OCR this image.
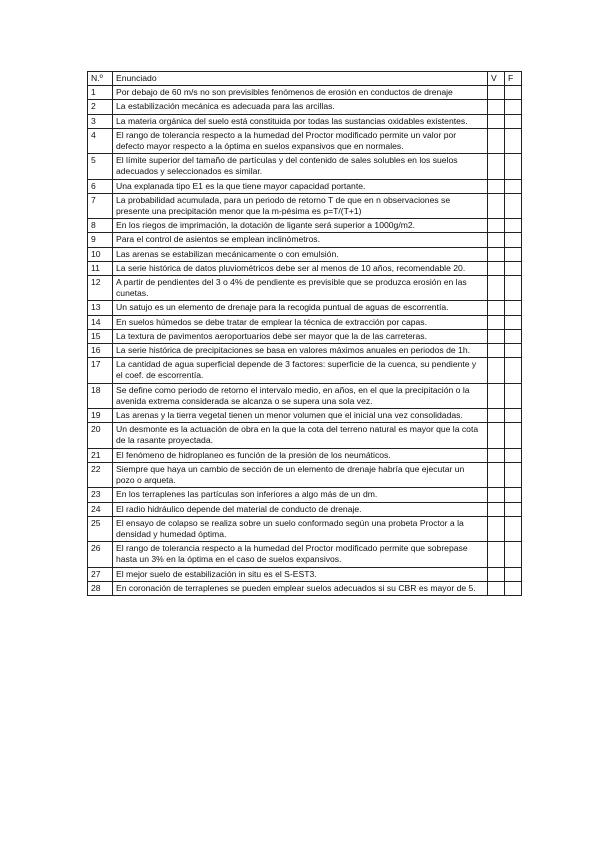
N.º	Enunciado	V	F
1	Por debajo de 60 m/s no son previsibles fenómenos de erosión en conductos de drenaje		
2	La estabilización mecánica es adecuada para las arcillas.		
3	La materia orgánica del suelo está constituida por todas las sustancias oxidables existentes.		
4	El rango de tolerancia respecto a la humedad del Proctor modificado permite un valor por defecto mayor respecto a la óptima en suelos expansivos que en normales.		
5	El límite superior del tamaño de partículas y del contenido de sales solubles en los suelos adecuados y seleccionados es similar.		
6	Una explanada tipo E1 es la que tiene mayor capacidad portante.		
7	La probabilidad acumulada, para un periodo de retorno T de que en n observaciones se presente una precipitación menor que la m-pésima es p=T/(T+1)		
8	En los riegos de imprimación, la dotación de ligante será superior a 1000g/m2.		
9	Para el control de asientos se emplean inclinómetros.		
10	Las arenas se estabilizan mecánicamente o con emulsión.		
11	La serie histórica de datos pluviométricos debe ser al menos de 10 años, recomendable 20.		
12	A partir de pendientes del 3 o 4% de pendiente es previsible que se produzca erosión en las cunetas.		
13	Un satujo es un elemento de drenaje para la recogida puntual de aguas de escorrentía.		
14	En suelos húmedos se debe tratar de emplear la técnica de extracción por capas.		
15	La textura de pavimentos aeroportuarios debe ser mayor que la de las carreteras.		
16	La serie histórica de precipitaciones se basa en valores máximos anuales en periodos de 1h.		
17	La cantidad de agua superficial depende de 3 factores: superficie de la cuenca, su pendiente y el coef. de escorrentía.		
18	Se define como periodo de retorno el intervalo medio, en años, en el que la precipitación o la avenida extrema considerada se alcanza o se supera una sola vez.		
19	Las arenas y la tierra vegetal tienen un menor volumen que el inicial una vez consolidadas.		
20	Un desmonte es la actuación de obra en la que la cota del terreno natural es mayor que la cota de la rasante proyectada.		
21	El fenómeno de hidroplaneo es función de la presión de los neumáticos.		
22	Siempre que haya un cambio de sección de un elemento de drenaje habría que ejecutar un pozo o arqueta.		
23	En los terraplenes las partículas son inferiores a algo más de un dm.		
24	El radio hidráulico depende del material de conducto de drenaje.		
25	El ensayo de colapso se realiza sobre un suelo conformado según una probeta Proctor a la densidad y humedad óptima.		
26	El rango de tolerancia respecto a la humedad del Proctor modificado permite que sobrepase hasta un 3% en la óptima en el caso de suelos expansivos.		
27	El mejor suelo de estabilización in situ es el S-EST3.		
28	En coronación de terraplenes se pueden emplear suelos adecuados si su CBR es mayor de 5.		
